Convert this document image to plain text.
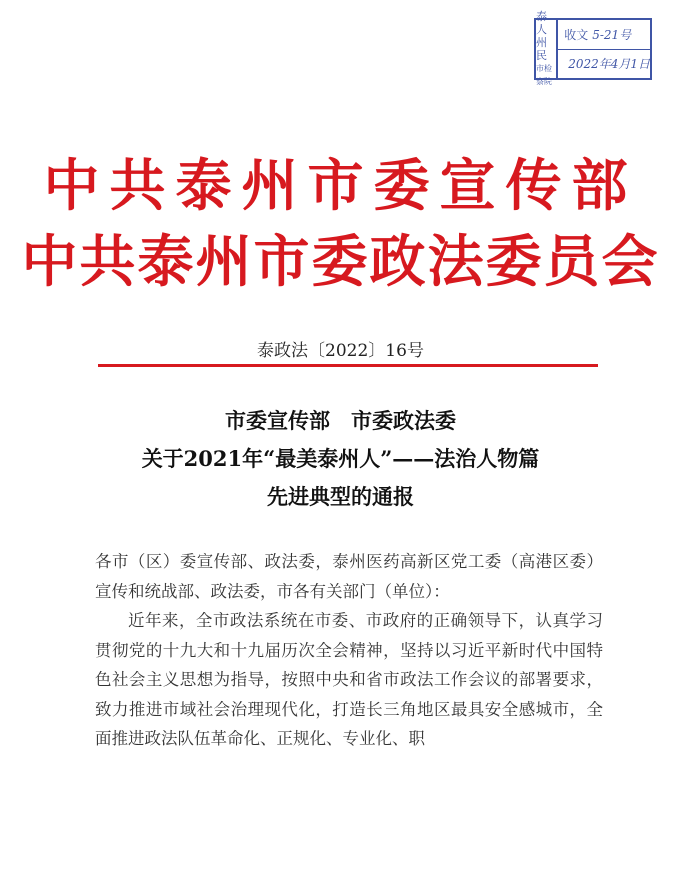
泰人
州民
市检察院
收文 5-21号
2022年4月1日
中共泰州市委宣传部
中共泰州市委政法委员会
泰政法〔2022〕16号
市委宣传部　市委政法委
关于2021年“最美泰州人”——法治人物篇
先进典型的通报

各市（区）委宣传部、政法委，泰州医药高新区党工委（高港区委）宣传和统战部、政法委，市各有关部门（单位）：

近年来，全市政法系统在市委、市政府的正确领导下，认真学习贯彻党的十九大和十九届历次全会精神，坚持以习近平新时代中国特色社会主义思想为指导，按照中央和省市政法工作会议的部署要求，致力推进市域社会治理现代化，打造长三角地区最具安全感城市，全面推进政法队伍革命化、正规化、专业化、职
